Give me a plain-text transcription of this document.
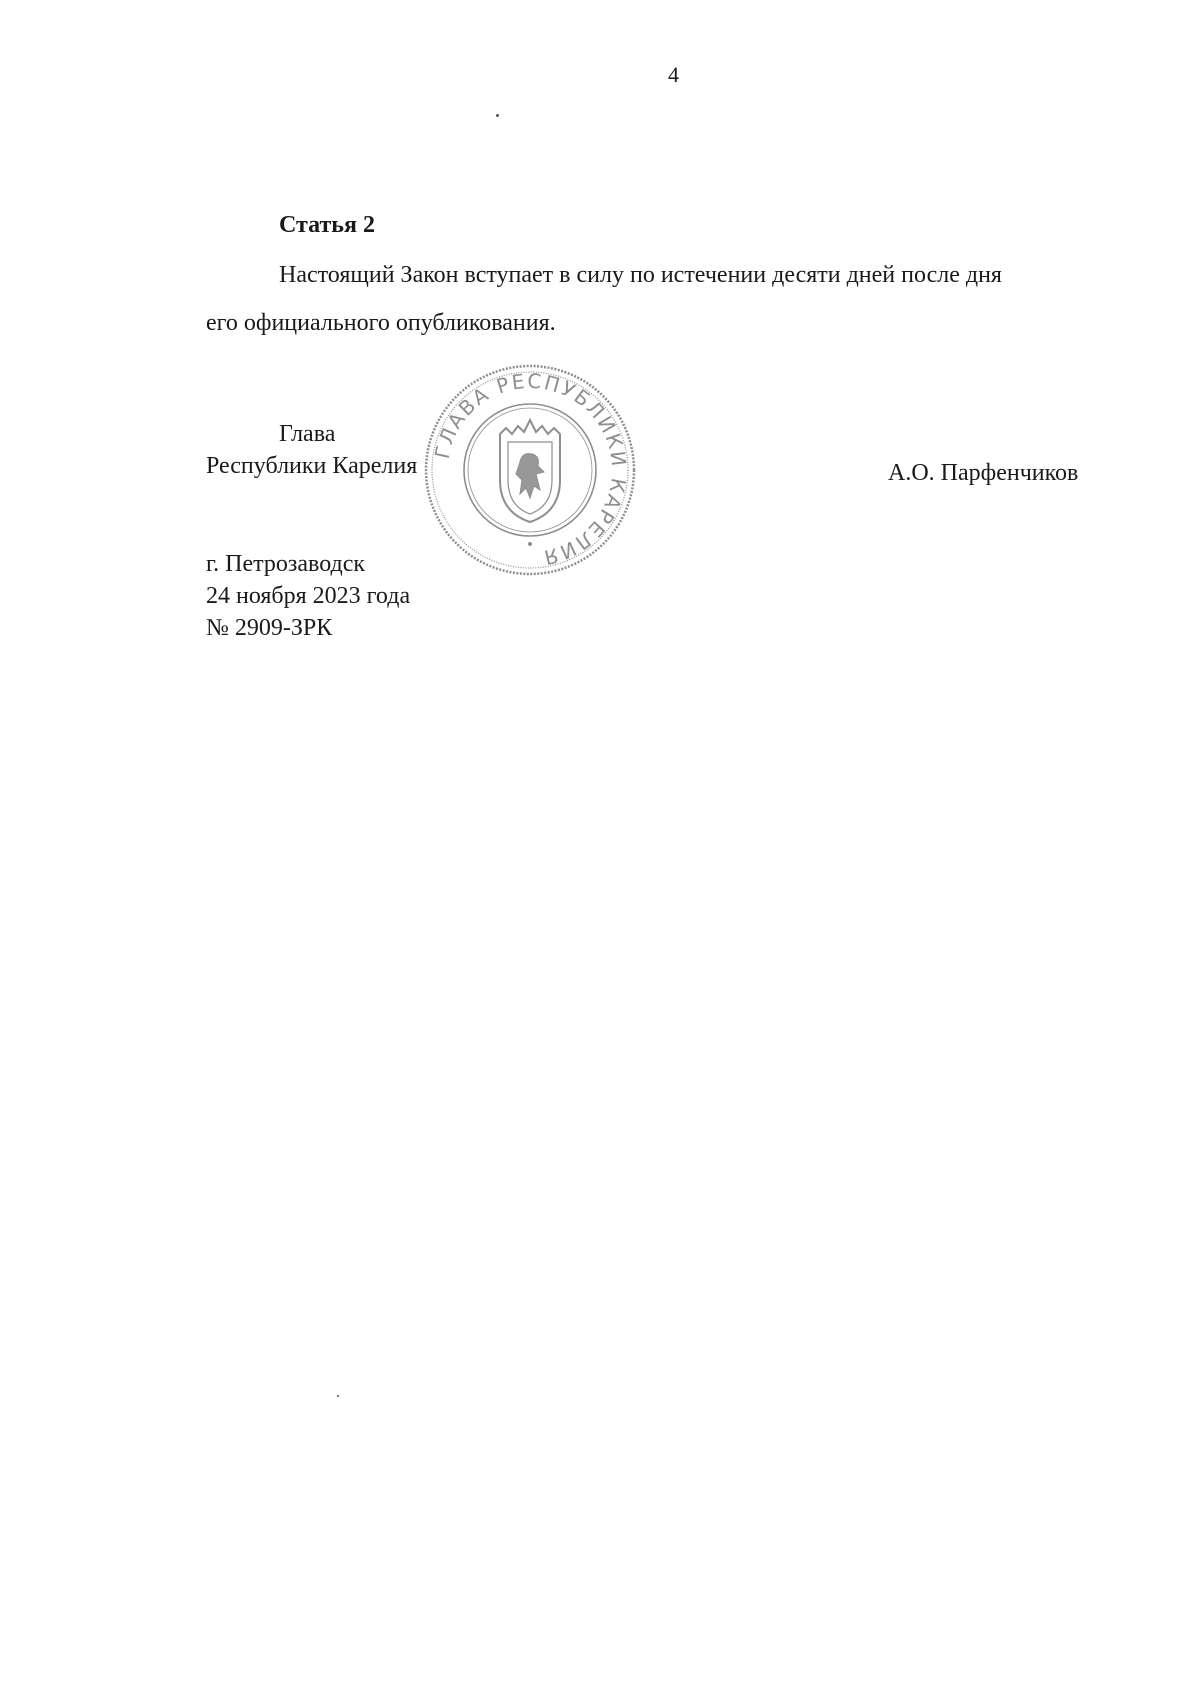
4
Статья 2
Настоящий Закон вступает в силу по истечении десяти дней после дня
его официального опубликования.
ГЛАВА РЕСПУБЛИКИ КАРЕЛИЯ
Глава
Республики Карелия	А.О. Парфенчиков
г. Петрозаводск
24 ноября 2023 года
№ 2909-ЗРК
